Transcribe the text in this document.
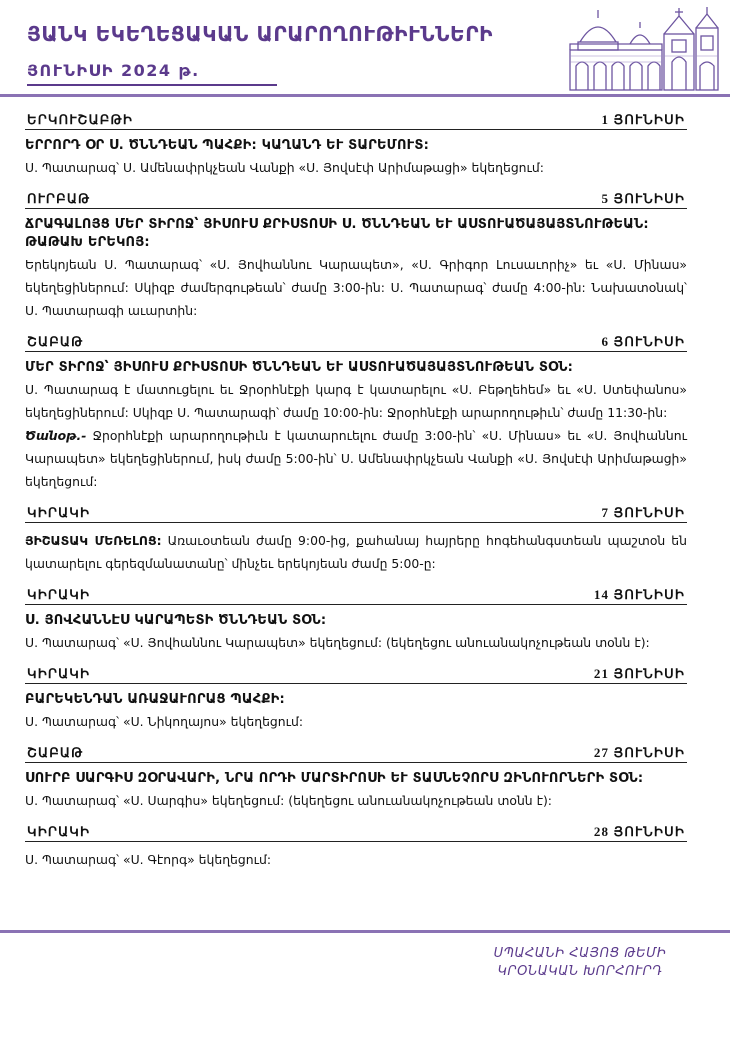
ՅԱՆԿ ԵԿԵՂԵՑԱԿԱՆ ԱՐԱՐՈՂՈՒԹԻՒՆՆԵՐԻ
ՅՈՒՆԻՍԻ 2024 թ.
ԵՐԿՈՒՇԱԲԹԻ	1 ՅՈՒՆԻՍԻ
ԵՐՐՈՐԴ ՕՐ Ս. ԾՆՆԴԵԱՆ ՊԱՀՔԻ: ԿԱՂԱՆԴ ԵՒ ՏԱՐԵՄՈՒՏ:
Ս. Պատարագ՝ Ս. Ամենափրկչեան Վանքի «Ս. Յովսէփ Արիմաթացի» եկեղեցում:
ՈՒՐԲԱԹ	5 ՅՈՒՆԻՍԻ
ՃՐԱԳԱԼՈՅՑ ՄԵՐ ՏԻՐՈՋ՝ ՅԻՍՈՒՍ ՔՐԻՍՏՈՍԻ Ս. ԾՆՆԴԵԱՆ ԵՒ ԱՍՏՈՒԱԾԱՅԱՅՏՆՈՒԹԵԱՆ: ԹԱԹԱԽ ԵՐԵԿՈՅ:
Երեկոյեան Ս. Պատարագ՝ «Ս. Յովհաննու Կարապետ», «Ս. Գրիգոր Լուսաւորիչ» եւ «Ս. Մինաս» եկեղեցիներում: Սկիզբ ժամերգութեան՝ ժամը 3:00-ին: Ս. Պատարագ՝ ժամը 4:00-ին: Նախատօնակ՝ Ս. Պատարագի աւարտին:
ՇԱԲԱԹ	6 ՅՈՒՆԻՍԻ
ՄԵՐ ՏԻՐՈՋ՝ ՅԻՍՈՒՍ ՔՐԻՍՏՈՍԻ ԾՆՆԴԵԱՆ ԵՒ ԱՍՏՈՒԱԾԱՅԱՅՏՆՈՒԹԵԱՆ ՏՕՆ:
Ս. Պատարագ է մատուցելու եւ Ջրօրհնէքի կարգ է կատարելու «Ս. Բեթղեհեմ» եւ «Ս. Ստեփանոս» եկեղեցիներում: Սկիզբ Ս. Պատարագի՝ ժամը 10:00-ին: Ջրօրհնէքի արարողութիւն՝ ժամը 11:30-ին:
Ծանօթ.- Ջրօրհնէքի արարողութիւն է կատարուելու ժամը 3:00-ին՝ «Ս. Մինաս» եւ «Ս. Յովհաննու Կարապետ» եկեղեցիներում, իսկ ժամը 5:00-ին՝ Ս. Ամենափրկչեան Վանքի «Ս. Յովսէփ Արիմաթացի» եկեղեցում:
ԿԻՐԱԿԻ	7 ՅՈՒՆԻՍԻ
ՅԻՇԱՏԱԿ ՄԵՌԵԼՈՑ: Առաւօտեան ժամը 9:00-ից, քահանայ հայրերը հոգեհանգստեան պաշտօն են կատարելու գերեզմանատանը՝ մինչեւ երեկոյեան ժամը 5:00-ը:
ԿԻՐԱԿԻ	14 ՅՈՒՆԻՍԻ
Ս. ՅՈՎՀԱՆՆԷՍ ԿԱՐԱՊԵՏԻ ԾՆՆԴԵԱՆ ՏՕՆ:
Ս. Պատարագ՝ «Ս. Յովհաննու Կարապետ» եկեղեցում: (եկեղեցու անուանակոչութեան տօնն է):
ԿԻՐԱԿԻ	21 ՅՈՒՆԻՍԻ
ԲԱՐԵԿԵՆԴԱՆ ԱՌԱՋԱՒՈՐԱՑ ՊԱՀՔԻ:
Ս. Պատարագ՝ «Ս. Նիկողայոս» եկեղեցում:
ՇԱԲԱԹ	27 ՅՈՒՆԻՍԻ
ՍՈՒՐԲ ՍԱՐԳԻՍ ԶՕՐԱՎԱՐԻ, ՆՐԱ ՈՐԴԻ ՄԱՐՏԻՐՈՍԻ ԵՒ ՏԱՍՆԵՉՈՐՍ ԶԻՆՈՒՈՐՆԵՐԻ ՏՕՆ:
Ս. Պատարագ՝ «Ս. Սարգիս» եկեղեցում: (եկեղեցու անուանակոչութեան տօնն է):
ԿԻՐԱԿԻ	28 ՅՈՒՆԻՍԻ
Ս. Պատարագ՝ «Ս. Գէորգ» եկեղեցում:
ՍՊԱՀԱՆԻ ՀԱՅՈՑ ԹԵՄԻ
ԿՐՕՆԱԿԱՆ ԽՈՐՀՈՒՐԴ
